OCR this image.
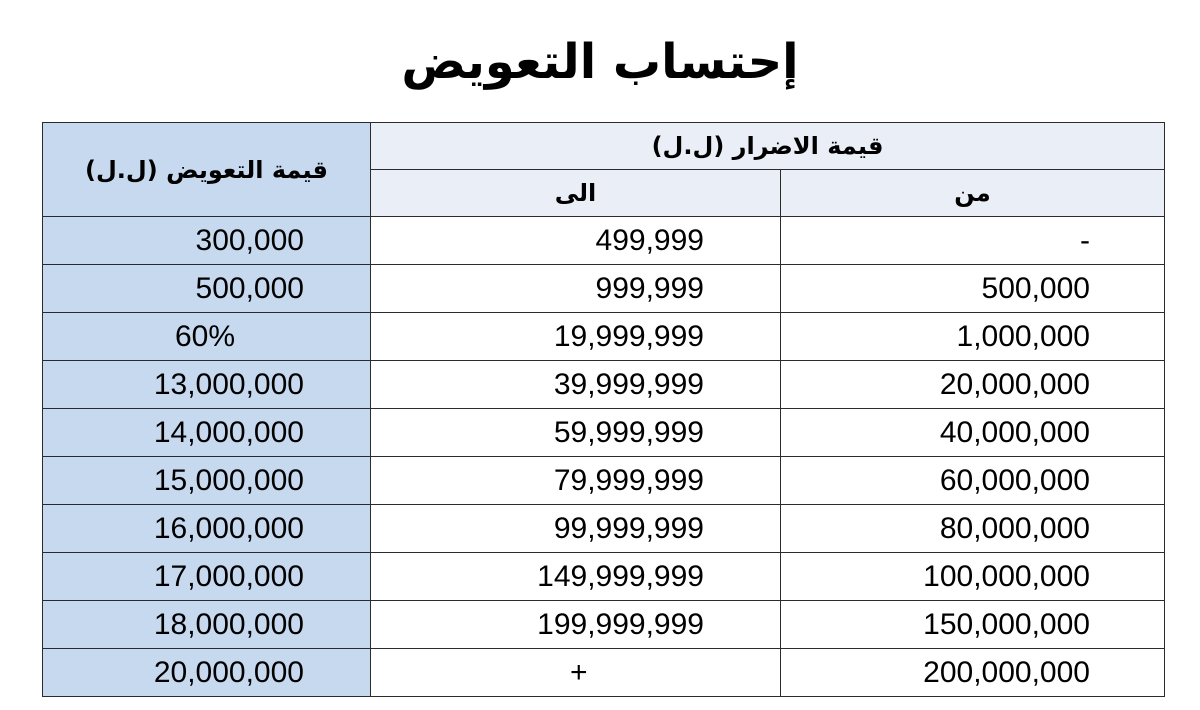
إحتساب التعويض
قيمة التعويض (ل.ل)	قيمة الاضرار (ل.ل)	
	الى	من
300,000	499,999	-
500,000	999,999	500,000
60%	19,999,999	1,000,000
13,000,000	39,999,999	20,000,000
14,000,000	59,999,999	40,000,000
15,000,000	79,999,999	60,000,000
16,000,000	99,999,999	80,000,000
17,000,000	149,999,999	100,000,000
18,000,000	199,999,999	150,000,000
20,000,000	+	200,000,000
